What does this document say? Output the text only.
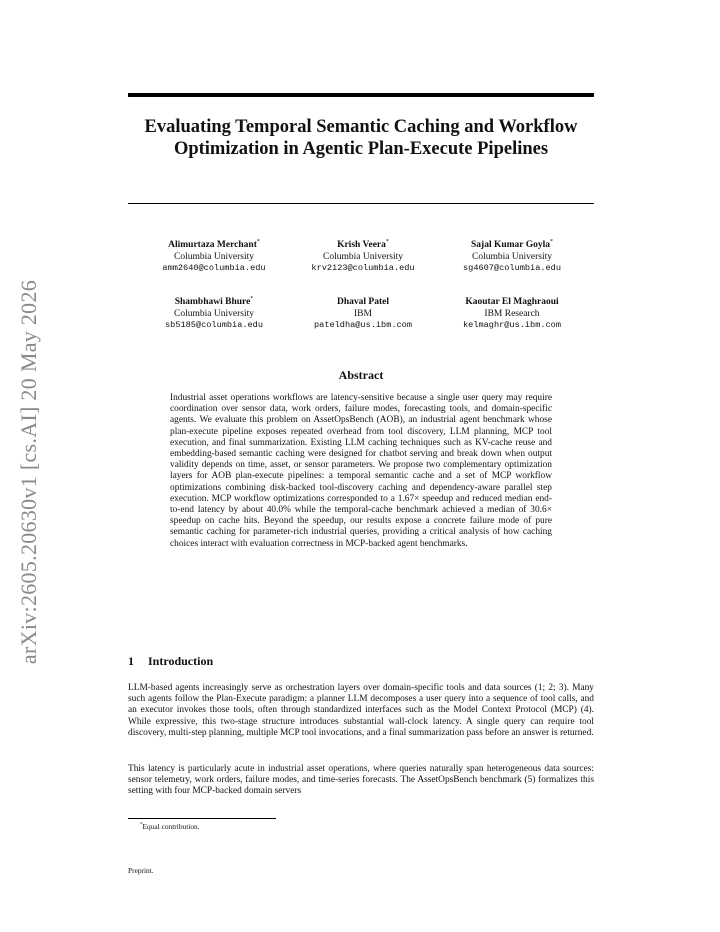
arXiv:2605.20630v1 [cs.AI] 20 May 2026
Evaluating Temporal Semantic Caching and Workflow Optimization in Agentic Plan-Execute Pipelines
Alimurtaza Merchant*
Columbia University
amm2640@columbia.edu
Krish Veera*
Columbia University
krv2123@columbia.edu
Sajal Kumar Goyla*
Columbia University
sg4607@columbia.edu
Shambhawi Bhure*
Columbia University
sb5185@columbia.edu
Dhaval Patel
IBM
pateldha@us.ibm.com
Kaoutar El Maghraoui
IBM Research
kelmaghr@us.ibm.com
Abstract
Industrial asset operations workflows are latency-sensitive because a single user query may require coordination over sensor data, work orders, failure modes, forecasting tools, and domain-specific agents. We evaluate this problem on AssetOpsBench (AOB), an industrial agent benchmark whose plan-execute pipeline exposes repeated overhead from tool discovery, LLM planning, MCP tool execution, and final summarization. Existing LLM caching techniques such as KV-cache reuse and embedding-based semantic caching were designed for chatbot serving and break down when output validity depends on time, asset, or sensor parameters. We propose two complementary optimization layers for AOB plan-execute pipelines: a temporal semantic cache and a set of MCP workflow optimizations combining disk-backed tool-discovery caching and dependency-aware parallel step execution. MCP workflow optimizations corresponded to a 1.67× speedup and reduced median end-to-end latency by about 40.0% while the temporal-cache benchmark achieved a median of 30.6× speedup on cache hits. Beyond the speedup, our results expose a concrete failure mode of pure semantic caching for parameter-rich industrial queries, providing a critical analysis of how caching choices interact with evaluation correctness in MCP-backed agent benchmarks.
1 Introduction
LLM-based agents increasingly serve as orchestration layers over domain-specific tools and data sources (1; 2; 3). Many such agents follow the Plan-Execute paradigm: a planner LLM decomposes a user query into a sequence of tool calls, and an executor invokes those tools, often through standardized interfaces such as the Model Context Protocol (MCP) (4). While expressive, this two-stage structure introduces substantial wall-clock latency. A single query can require tool discovery, multi-step planning, multiple MCP tool invocations, and a final summarization pass before an answer is returned.
This latency is particularly acute in industrial asset operations, where queries naturally span heterogeneous data sources: sensor telemetry, work orders, failure modes, and time-series forecasts. The AssetOpsBench benchmark (5) formalizes this setting with four MCP-backed domain servers
*Equal contribution.
Preprint.
